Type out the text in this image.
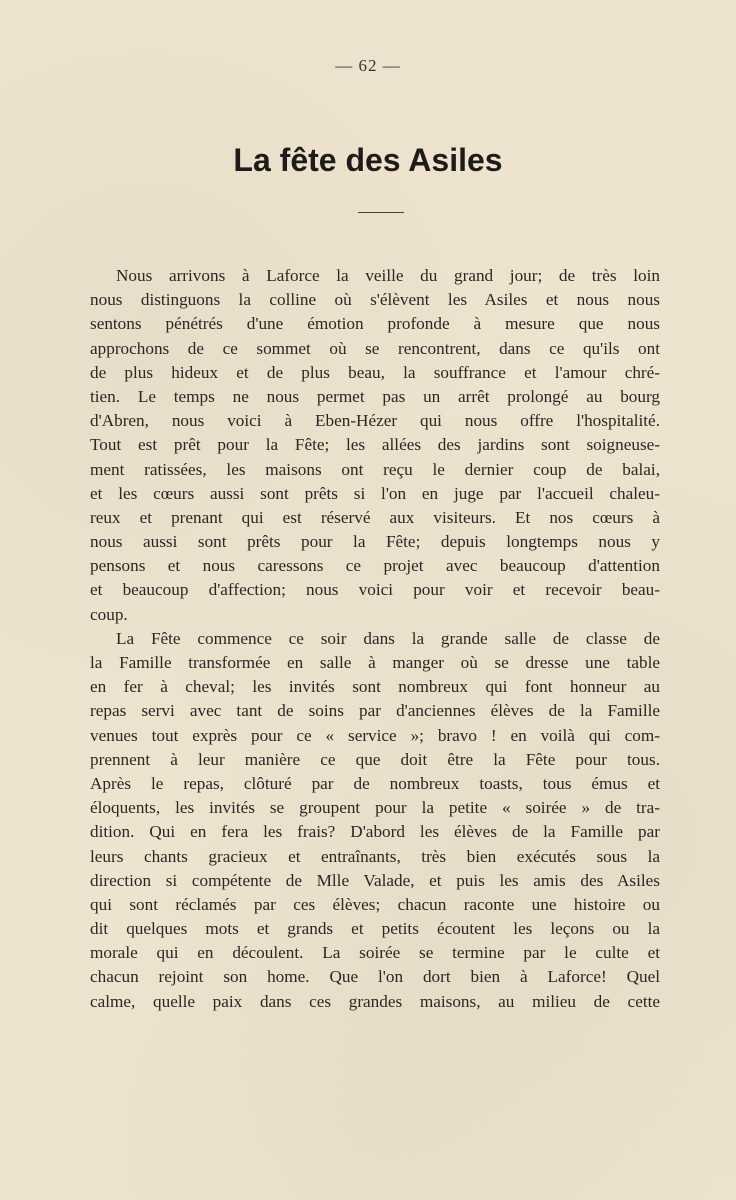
— 62 —
La fête des Asiles
Nous arrivons à Laforce la veille du grand jour; de très loin
nous distinguons la colline où s'élèvent les Asiles et nous nous
sentons pénétrés d'une émotion profonde à mesure que nous
approchons de ce sommet où se rencontrent, dans ce qu'ils ont
de plus hideux et de plus beau, la souffrance et l'amour chré-
tien. Le temps ne nous permet pas un arrêt prolongé au bourg
d'Abren, nous voici à Eben-Hézer qui nous offre l'hospitalité.
Tout est prêt pour la Fête; les allées des jardins sont soigneuse-
ment ratissées, les maisons ont reçu le dernier coup de balai,
et les cœurs aussi sont prêts si l'on en juge par l'accueil chaleu-
reux et prenant qui est réservé aux visiteurs. Et nos cœurs à
nous aussi sont prêts pour la Fête; depuis longtemps nous y
pensons et nous caressons ce projet avec beaucoup d'attention
et beaucoup d'affection; nous voici pour voir et recevoir beau-
coup.
La Fête commence ce soir dans la grande salle de classe de
la Famille transformée en salle à manger où se dresse une table
en fer à cheval; les invités sont nombreux qui font honneur au
repas servi avec tant de soins par d'anciennes élèves de la Famille
venues tout exprès pour ce « service »; bravo ! en voilà qui com-
prennent à leur manière ce que doit être la Fête pour tous.
Après le repas, clôturé par de nombreux toasts, tous émus et
éloquents, les invités se groupent pour la petite « soirée » de tra-
dition. Qui en fera les frais? D'abord les élèves de la Famille par
leurs chants gracieux et entraînants, très bien exécutés sous la
direction si compétente de Mlle Valade, et puis les amis des Asiles
qui sont réclamés par ces élèves; chacun raconte une histoire ou
dit quelques mots et grands et petits écoutent les leçons ou la
morale qui en découlent. La soirée se termine par le culte et
chacun rejoint son home. Que l'on dort bien à Laforce! Quel
calme, quelle paix dans ces grandes maisons, au milieu de cette
